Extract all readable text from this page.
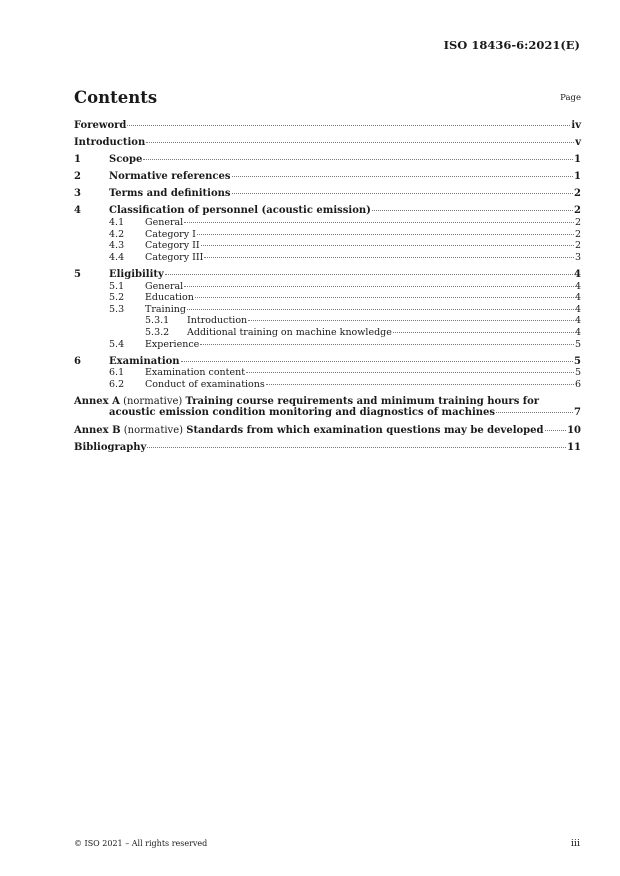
ISO 18436-6:2021(E)
Contents	Page
Foreword	iv
Introduction	v
1	Scope	1
2	Normative references	1
3	Terms and definitions	2
4	Classification of personnel (acoustic emission)	2
4.1 General	2
4.2 Category I	2
4.3 Category II	2
4.4 Category III	3
5	Eligibility	4
5.1 General	4
5.2 Education	4
5.3 Training	4
5.3.1 Introduction	4
5.3.2 Additional training on machine knowledge	4
5.4 Experience	5
6	Examination	5
6.1 Examination content	5
6.2 Conduct of examinations	6
Annex A (normative) Training course requirements and minimum training hours for
acoustic emission condition monitoring and diagnostics of machines	7
Annex B (normative) Standards from which examination questions may be developed 10
Bibliography	11
© ISO 2021 – All rights reserved	iii
